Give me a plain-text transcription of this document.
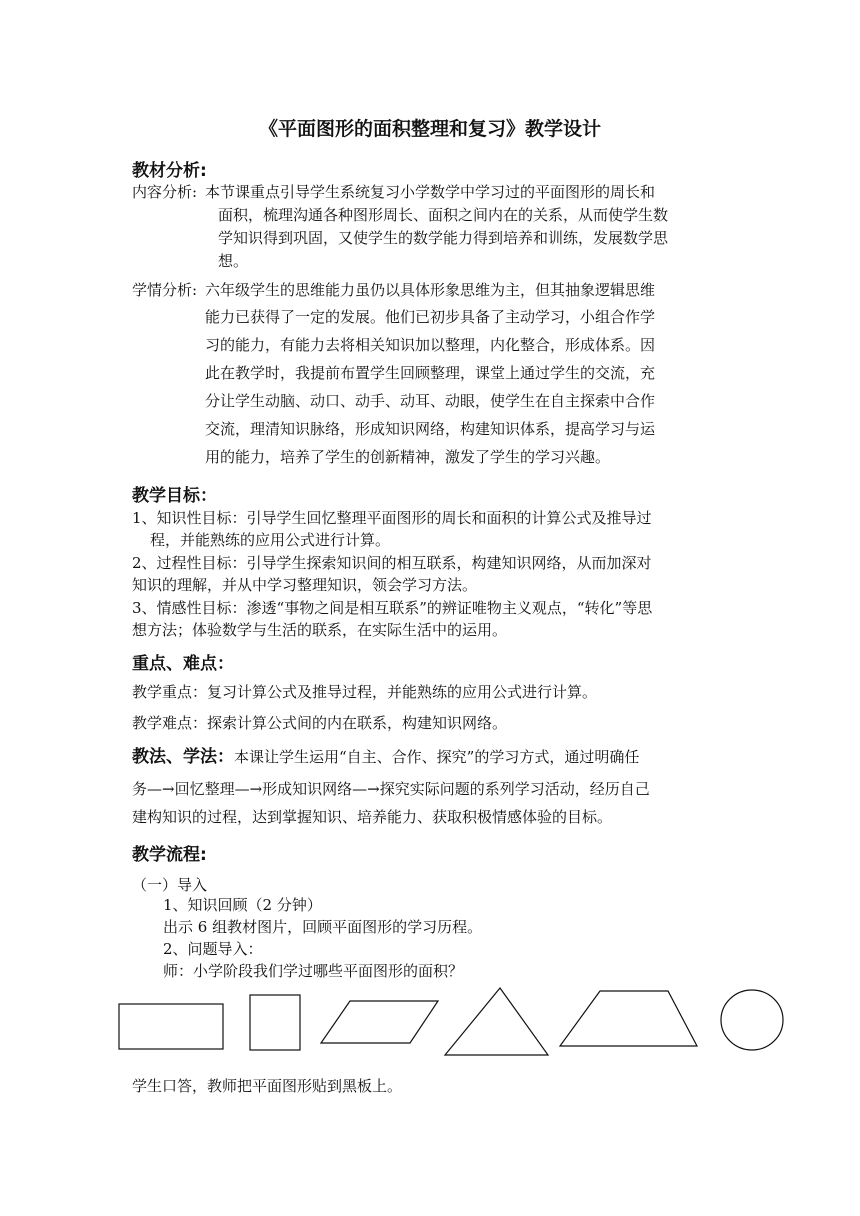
《平面图形的面积整理和复习》教学设计
教材分析:
内容分析: 本节课重点引导学生系统复习小学数学中学习过的平面图形的周长和
面积，梳理沟通各种图形周长、面积之间内在的关系，从而使学生数
学知识得到巩固，又使学生的数学能力得到培养和训练，发展数学思
想。
学情分析: 六年级学生的思维能力虽仍以具体形象思维为主，但其抽象逻辑思维
能力已获得了一定的发展。他们已初步具备了主动学习，小组合作学
习的能力，有能力去将相关知识加以整理，内化整合，形成体系。因
此在教学时，我提前布置学生回顾整理，课堂上通过学生的交流，充
分让学生动脑、动口、动手、动耳、动眼，使学生在自主探索中合作
交流，理清知识脉络，形成知识网络，构建知识体系，提高学习与运
用的能力，培养了学生的创新精神，激发了学生的学习兴趣。
教学目标：
1、知识性目标：引导学生回忆整理平面图形的周长和面积的计算公式及推导过
程，并能熟练的应用公式进行计算。
2、过程性目标：引导学生探索知识间的相互联系，构建知识网络，从而加深对
知识的理解，并从中学习整理知识，领会学习方法。
3、情感性目标：渗透“事物之间是相互联系”的辨证唯物主义观点，“转化”等思
想方法；体验数学与生活的联系，在实际生活中的运用。
重点、难点：
教学重点：复习计算公式及推导过程，并能熟练的应用公式进行计算。
教学难点：探索计算公式间的内在联系，构建知识网络。
教法、学法：本课让学生运用“自主、合作、探究”的学习方式，通过明确任
务—→回忆整理—→形成知识网络—→探究实际问题的系列学习活动，经历自己
建构知识的过程，达到掌握知识、培养能力、获取积极情感体验的目标。
教学流程:
（一）导入
1、知识回顾（2 分钟）
出示 6 组教材图片，回顾平面图形的学习历程。
2、问题导入：
师：小学阶段我们学过哪些平面图形的面积？
学生口答，教师把平面图形贴到黑板上。
